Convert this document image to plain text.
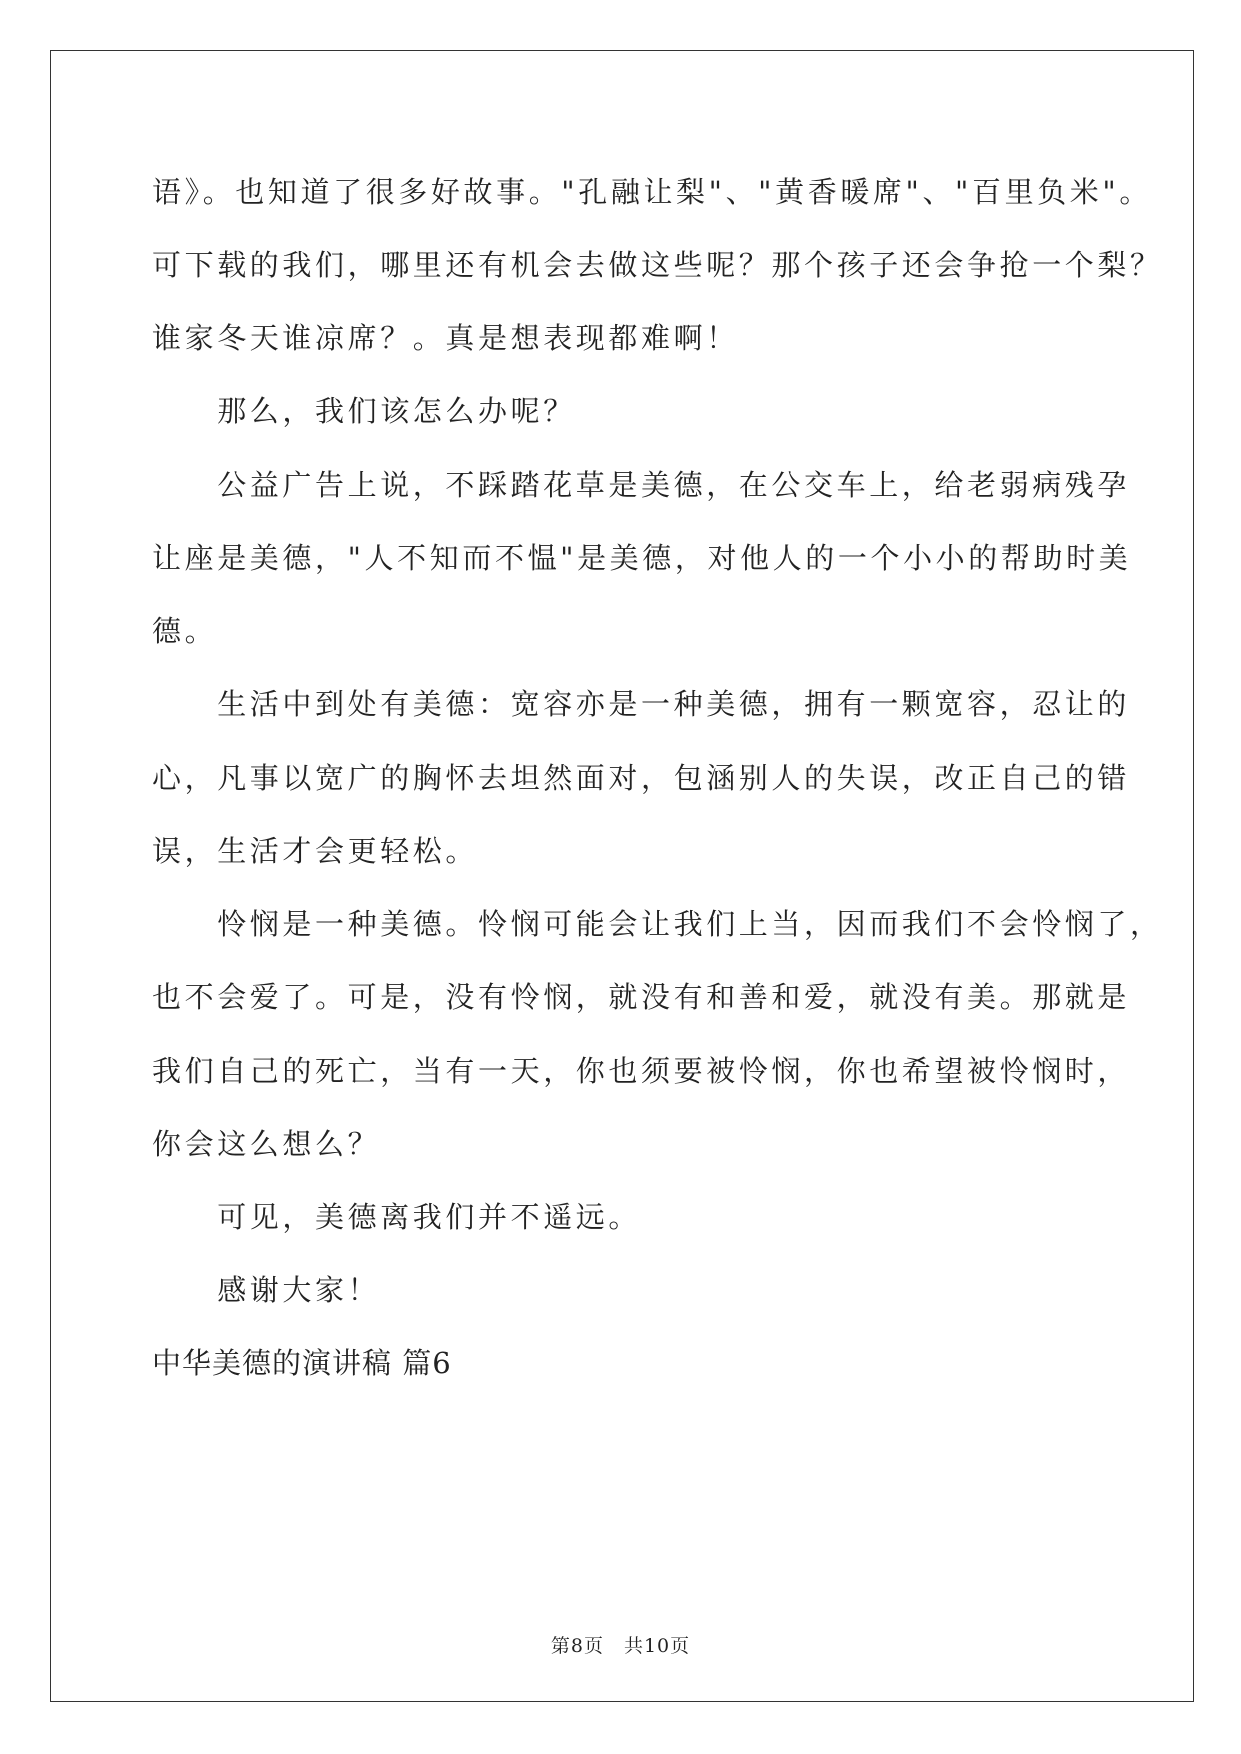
语》。也知道了很多好故事。"孔融让梨"、"黄香暖席"、"百里负米"。
可下载的我们，哪里还有机会去做这些呢？那个孩子还会争抢一个梨？
谁家冬天谁凉席？。真是想表现都难啊！
　　那么，我们该怎么办呢？
　　公益广告上说，不踩踏花草是美德，在公交车上，给老弱病残孕
让座是美德，"人不知而不愠"是美德，对他人的一个小小的帮助时美
德。
　　生活中到处有美德：宽容亦是一种美德，拥有一颗宽容，忍让的
心，凡事以宽广的胸怀去坦然面对，包涵别人的失误，改正自己的错
误，生活才会更轻松。
　　怜悯是一种美德。怜悯可能会让我们上当，因而我们不会怜悯了，
也不会爱了。可是，没有怜悯，就没有和善和爱，就没有美。那就是
我们自己的死亡，当有一天，你也须要被怜悯，你也希望被怜悯时，
你会这么想么？
　　可见，美德离我们并不遥远。
　　感谢大家！
中华美德的演讲稿 篇6
第8页　共10页
